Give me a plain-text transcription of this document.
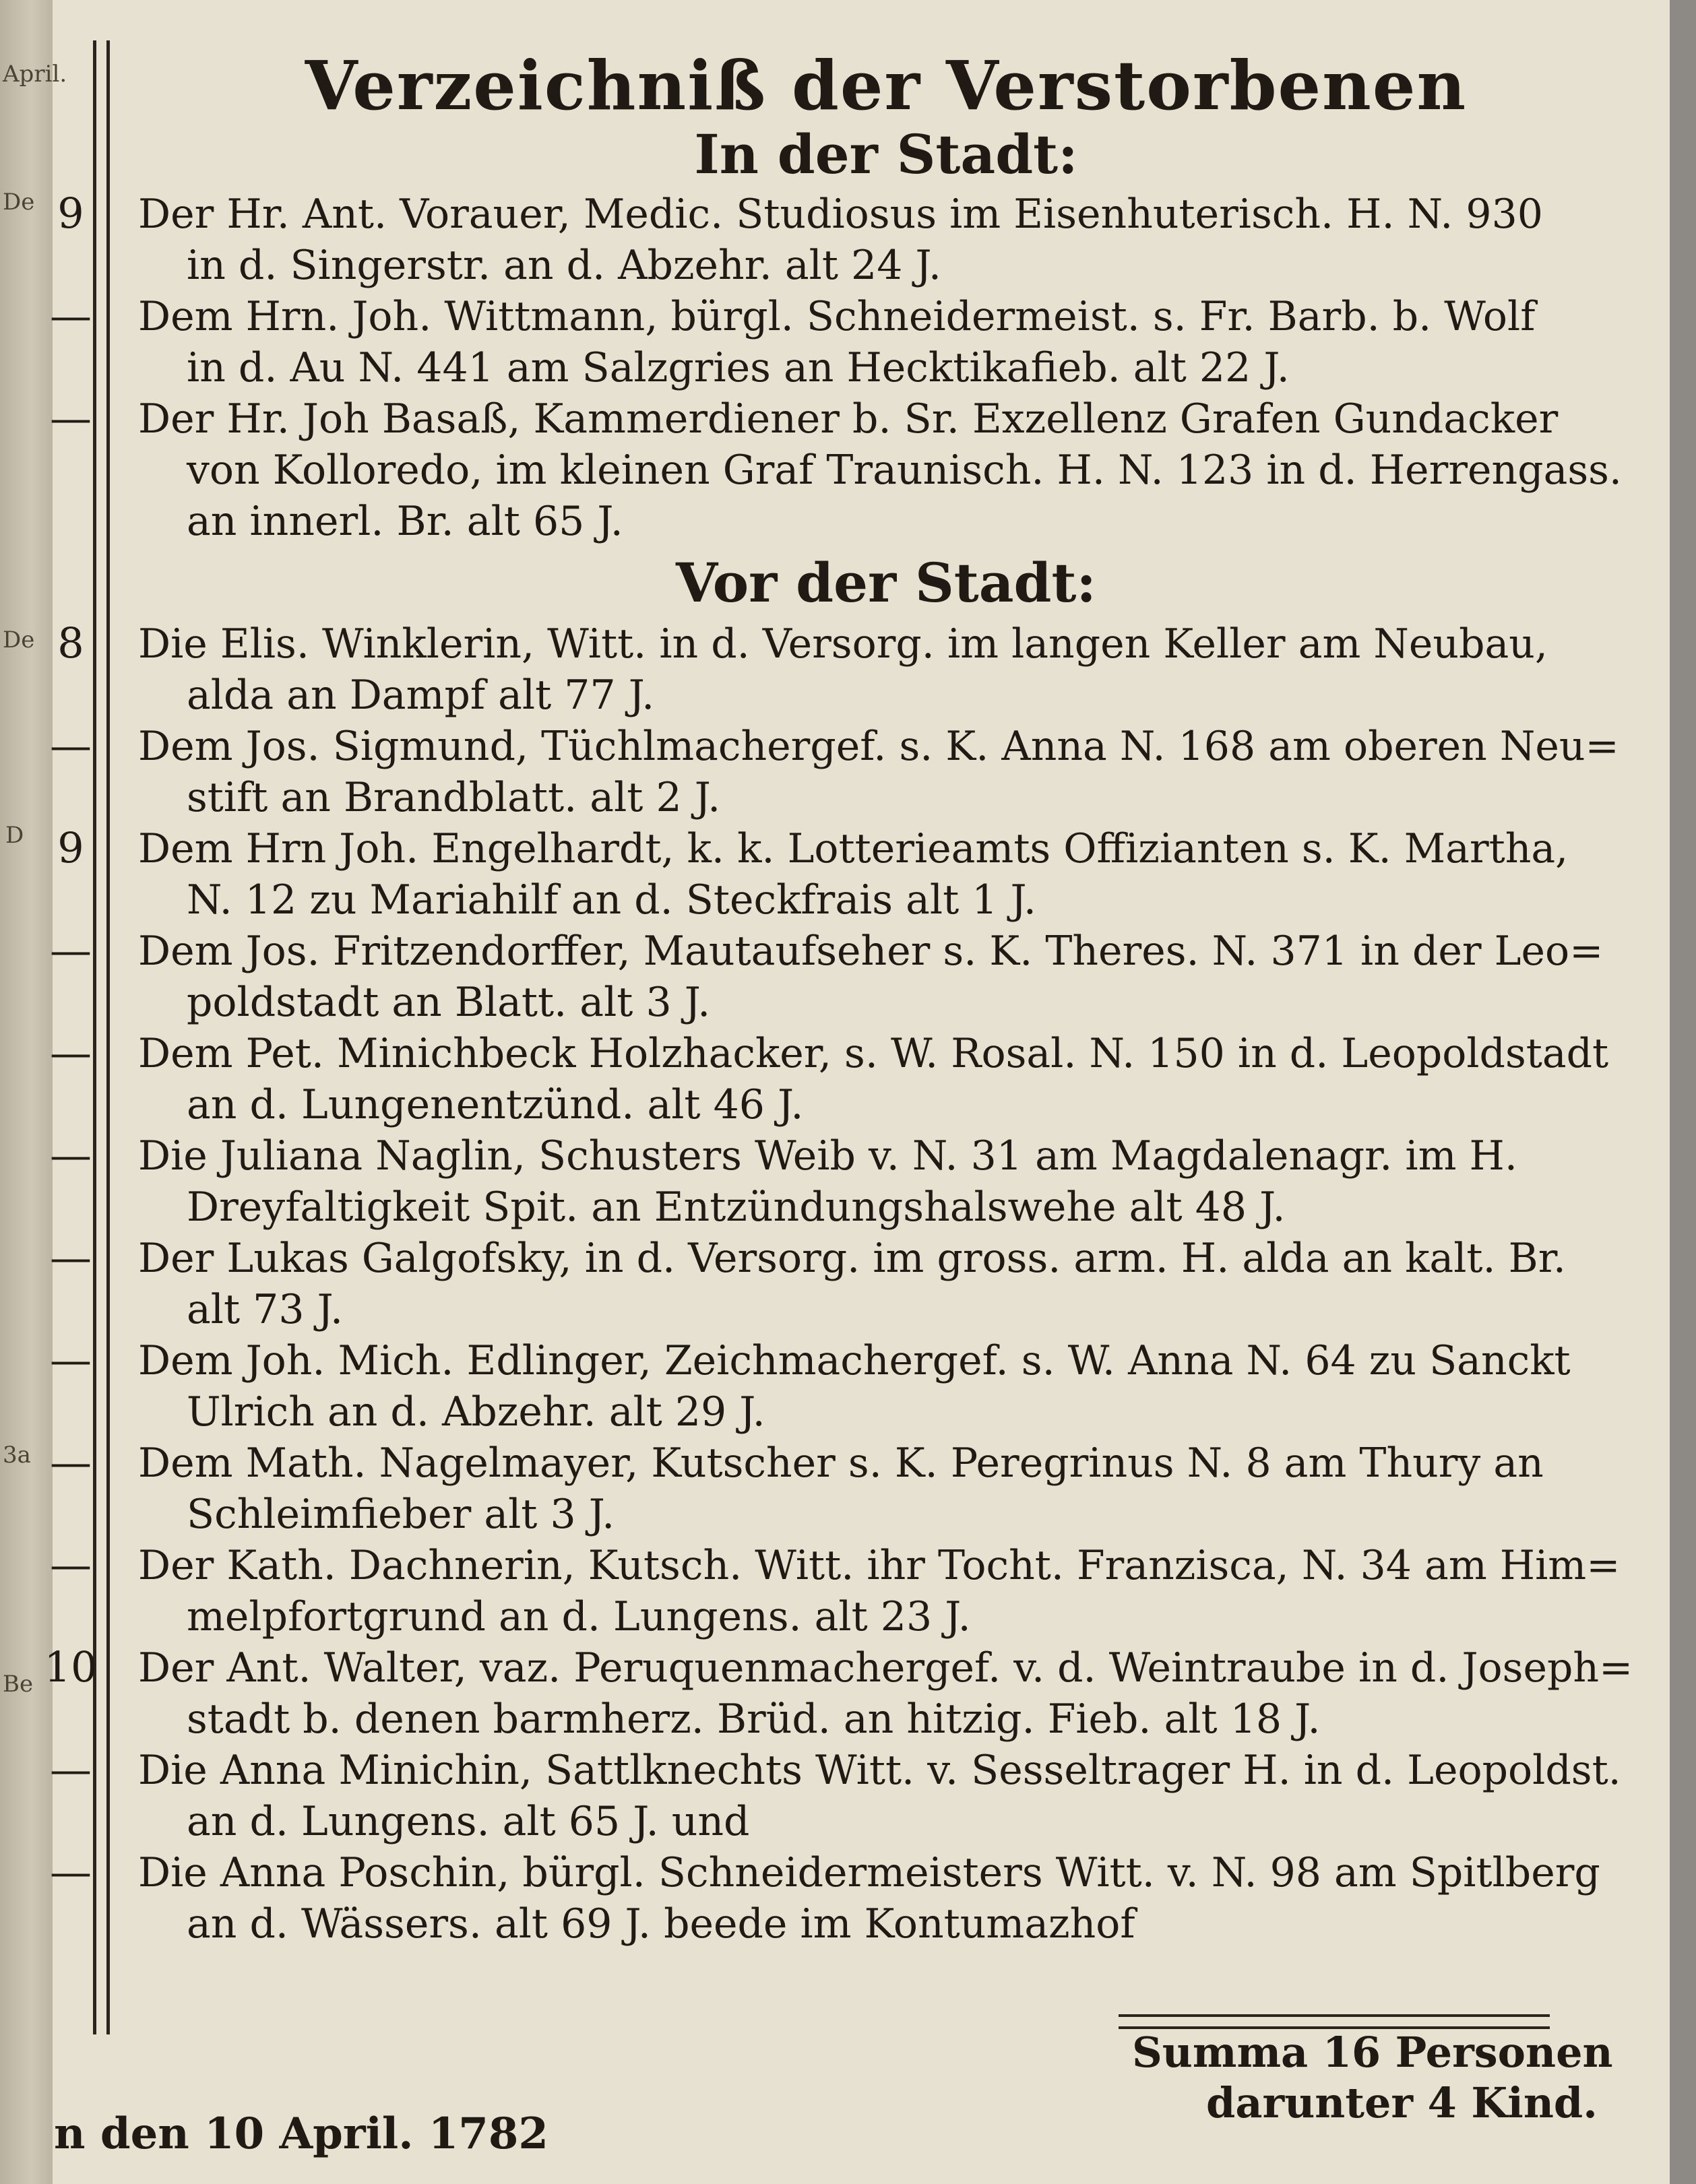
April.
De
De
D
3a
Be
Verzeichniß der Verstorbenen
In der Stadt:
Vor der Stadt:
9	Der Hr. Ant. Vorauer, Medic. Studiosus im Eisenhuterisch. H. N. 930
in d. Singerstr. an d. Abzehr. alt 24 J.
— Dem Hrn. Joh. Wittmann, bürgl. Schneidermeist. s. Fr. Barb. b. Wolf
in d. Au N. 441 am Salzgries an Hecktikafieb. alt 22 J.
— Der Hr. Joh Basaß, Kammerdiener b. Sr. Exzellenz Grafen Gundacker
von Kolloredo, im kleinen Graf Traunisch. H. N. 123 in d. Herrengass.
an innerl. Br. alt 65 J.
8	Die Elis. Winklerin, Witt. in d. Versorg. im langen Keller am Neubau,
alda an Dampf alt 77 J.
— Dem Jos. Sigmund, Tüchlmachergef. s. K. Anna N. 168 am oberen Neu=
stift an Brandblatt. alt 2 J.
9	Dem Hrn Joh. Engelhardt, k. k. Lotterieamts Offizianten s. K. Martha,
N. 12 zu Mariahilf an d. Steckfrais alt 1 J.
— Dem Jos. Fritzendorffer, Mautaufseher s. K. Theres. N. 371 in der Leo=
poldstadt an Blatt. alt 3 J.
— Dem Pet. Minichbeck Holzhacker, s. W. Rosal. N. 150 in d. Leopoldstadt
an d. Lungenentzünd. alt 46 J.
— Die Juliana Naglin, Schusters Weib v. N. 31 am Magdalenagr. im H.
Dreyfaltigkeit Spit. an Entzündungshalswehe alt 48 J.
— Der Lukas Galgofsky, in d. Versorg. im gross. arm. H. alda an kalt. Br.
alt 73 J.
— Dem Joh. Mich. Edlinger, Zeichmachergef. s. W. Anna N. 64 zu Sanckt
Ulrich an d. Abzehr. alt 29 J.
— Dem Math. Nagelmayer, Kutscher s. K. Peregrinus N. 8 am Thury an
Schleimfieber alt 3 J.
— Der Kath. Dachnerin, Kutsch. Witt. ihr Tocht. Franzisca, N. 34 am Him=
melpfortgrund an d. Lungens. alt 23 J.
10 Der Ant. Walter, vaz. Peruquenmachergef. v. d. Weintraube in d. Joseph=
stadt b. denen barmherz. Brüd. an hitzig. Fieb. alt 18 J.
— Die Anna Minichin, Sattlknechts Witt. v. Sesseltrager H. in d. Leopoldst.
an d. Lungens. alt 65 J. und
— Die Anna Poschin, bürgl. Schneidermeisters Witt. v. N. 98 am Spitlberg
an d. Wässers. alt 69 J. beede im Kontumazhof
Summa 16 Personen
darunter 4 Kind.
n den 10 April. 1782
